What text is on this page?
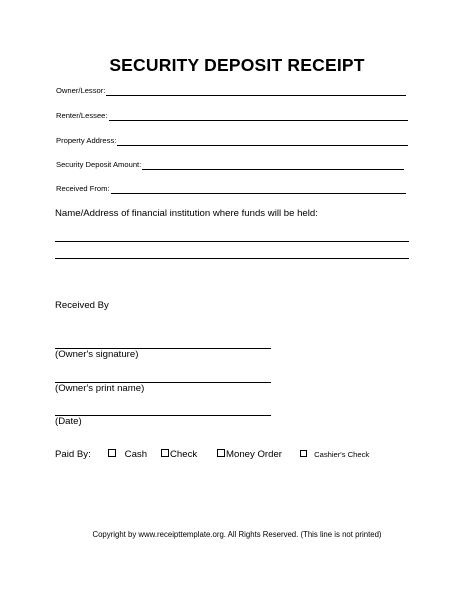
SECURITY DEPOSIT RECEIPT
Owner/Lessor:
Renter/Lessee:
Property Address:
Security Deposit Amount:
Received From:
Name/Address of financial institution where funds will be held:
Received By
(Owner's signature)
(Owner's print name)
(Date)
Paid By:	Cash	Check	Money Order	Cashier's Check
Copyright by www.receipttemplate.org. All Rights Reserved. (This line is not printed)
